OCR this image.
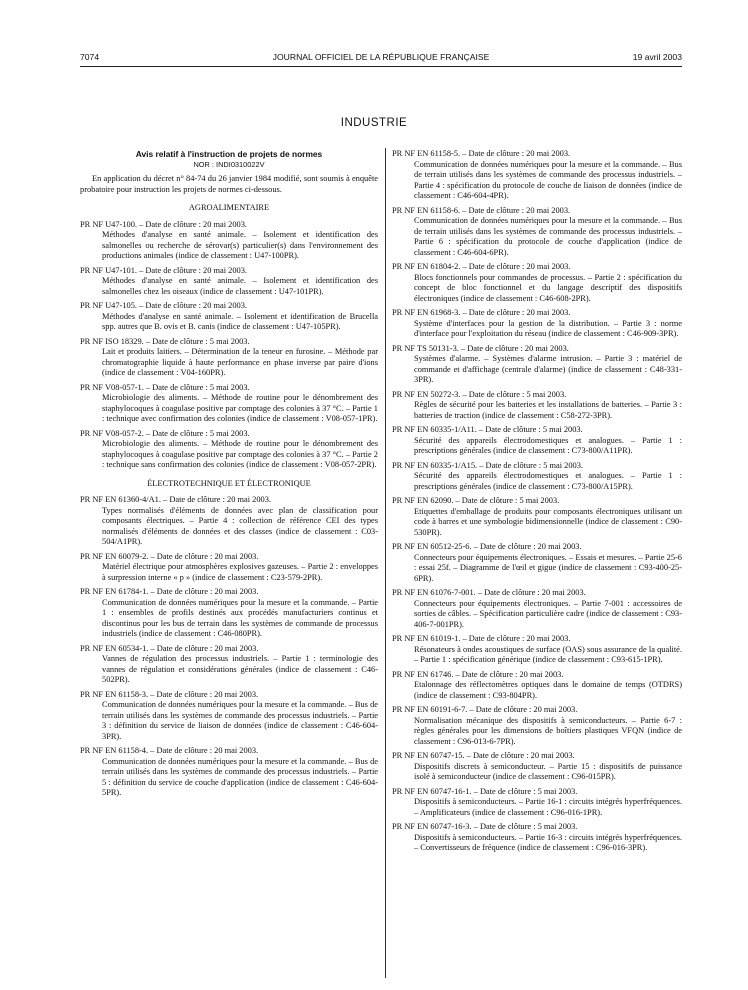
7074	JOURNAL OFFICIEL DE LA RÉPUBLIQUE FRANÇAISE	19 avril 2003
INDUSTRIE
Avis relatif à l'instruction de projets de normes
NOR : INDI0310022V
En application du décret n° 84-74 du 26 janvier 1984 modifié, sont soumis à enquête probatoire pour instruction les projets de normes ci-dessous.
AGROALIMENTAIRE
PR NF U47-100. – Date de clôture : 20 mai 2003.
Méthodes d'analyse en santé animale. – Isolement et identification des salmonelles ou recherche de sérovar(s) particulier(s) dans l'environnement des productions animales (indice de classement : U47-100PR).
PR NF U47-101. – Date de clôture : 20 mai 2003.
Méthodes d'analyse en santé animale. – Isolement et identification des salmonelles chez les oiseaux (indice de classement : U47-101PR).
PR NF U47-105. – Date de clôture : 20 mai 2003.
Méthodes d'analyse en santé animale. – Isolement et identification de Brucella spp. autres que B. ovis et B. canis (indice de classement : U47-105PR).
PR NF ISO 18329. – Date de clôture : 5 mai 2003.
Lait et produits laitiers. – Détermination de la teneur en furosine. – Méthode par chromatographie liquide à haute performance en phase inverse par paire d'ions (indice de classement : V04-160PR).
PR NF V08-057-1. – Date de clôture : 5 mai 2003.
Microbiologie des aliments. – Méthode de routine pour le dénombrement des staphylocoques à coagulase positive par comptage des colonies à 37 °C. – Partie 1 : technique avec confirmation des colonies (indice de classement : V08-057-1PR).
PR NF V08-057-2. – Date de clôture : 5 mai 2003.
Microbiologie des aliments. – Méthode de routine pour le dénombrement des staphylocoques à coagulase positive par comptage des colonies à 37 °C. – Partie 2 : technique sans confirmation des colonies (indice de classement : V08-057-2PR).
ÉLECTROTECHNIQUE ET ÉLECTRONIQUE
PR NF EN 61360-4/A1. – Date de clôture : 20 mai 2003.
Types normalisés d'éléments de données avec plan de classification pour composants électriques. – Partie 4 : collection de référence CEI des types normalisés d'éléments de données et des classes (indice de classement : C03-504/A1PR).
PR NF EN 60079-2. – Date de clôture : 20 mai 2003.
Matériel électrique pour atmosphères explosives gazeuses. – Partie 2 : enveloppes à surpression interne « p » (indice de classement : C23-579-2PR).
PR NF EN 61784-1. – Date de clôture : 20 mai 2003.
Communication de données numériques pour la mesure et la commande. – Partie 1 : ensembles de profils destinés aux procédés manufacturiers continus et discontinus pour les bus de terrain dans les systèmes de commande de processus industriels (indice de classement : C46-080PR).
PR NF EN 60534-1. – Date de clôture : 20 mai 2003.
Vannes de régulation des processus industriels. – Partie 1 : terminologie des vannes de régulation et considérations générales (indice de classement : C46-502PR).
PR NF EN 61158-3. – Date de clôture : 20 mai 2003.
Communication de données numériques pour la mesure et la commande. – Bus de terrain utilisés dans les systèmes de commande des processus industriels. – Partie 3 : définition du service de liaison de données (indice de classement : C46-604-3PR).
PR NF EN 61158-4. – Date de clôture : 20 mai 2003.
Communication de données numériques pour la mesure et la commande. – Bus de terrain utilisés dans les systèmes de commande des processus industriels. – Partie 5 : définition du service de couche d'application (indice de classement : C46-604-5PR).
PR NF EN 61158-5. – Date de clôture : 20 mai 2003.
Communication de données numériques pour la mesure et la commande. – Bus de terrain utilisés dans les systèmes de commande des processus industriels. – Partie 4 : spécification du protocole de couche de liaison de données (indice de classement : C46-604-4PR).
PR NF EN 61158-6. – Date de clôture : 20 mai 2003.
Communication de données numériques pour la mesure et la commande. – Bus de terrain utilisés dans les systèmes de commande des processus industriels. – Partie 6 : spécification du protocole de couche d'application (indice de classement : C46-604-6PR).
PR NF EN 61804-2. – Date de clôture : 20 mai 2003.
Blocs fonctionnels pour commandes de processus. – Partie 2 : spécification du concept de bloc fonctionnel et du langage descriptif des dispositifs électroniques (indice de classement : C46-608-2PR).
PR NF EN 61968-3. – Date de clôture : 20 mai 2003.
Système d'interfaces pour la gestion de la distribution. – Partie 3 : norme d'interface pour l'exploitation du réseau (indice de classement : C46-909-3PR).
PR NF TS 50131-3. – Date de clôture : 20 mai 2003.
Systèmes d'alarme. – Systèmes d'alarme intrusion. – Partie 3 : matériel de commande et d'affichage (centrale d'alarme) (indice de classement : C48-331-3PR).
PR NF EN 50272-3. – Date de clôture : 5 mai 2003.
Règles de sécurité pour les batteries et les installations de batteries. – Partie 3 : batteries de traction (indice de classement : C58-272-3PR).
PR NF EN 60335-1/A11. – Date de clôture : 5 mai 2003.
Sécurité des appareils électrodomestiques et analogues. – Partie 1 : prescriptions générales (indice de classement : C73-800/A11PR).
PR NF EN 60335-1/A15. – Date de clôture : 5 mai 2003.
Sécurité des appareils électrodomestiques et analogues. – Partie 1 : prescriptions générales (indice de classement : C73-800/A15PR).
PR NF EN 62090. – Date de clôture : 5 mai 2003.
Etiquettes d'emballage de produits pour composants électroniques utilisant un code à barres et une symbologie bidimensionnelle (indice de classement : C90-530PR).
PR NF EN 60512-25-6. – Date de clôture : 20 mai 2003.
Connecteurs pour équipements électroniques. – Essais et mesures. – Partie 25-6 : essai 25f. – Diagramme de l'œil et gigue (indice de classement : C93-400-25-6PR).
PR NF EN 61076-7-001. – Date de clôture : 20 mai 2003.
Connecteurs pour équipements électroniques. – Partie 7-001 : accessoires de sorties de câbles. – Spécification particulière cadre (indice de classement : C93-406-7-001PR).
PR NF EN 61019-1. – Date de clôture : 20 mai 2003.
Résonateurs à ondes acoustiques de surface (OAS) sous assurance de la qualité. – Partie 1 : spécification générique (indice de classement : C93-615-1PR).
PR NF EN 61746. – Date de clôture : 20 mai 2003.
Etalonnage des réflectomètres optiques dans le domaine de temps (OTDRS) (indice de classement : C93-804PR).
PR NF EN 60191-6-7. – Date de clôture : 20 mai 2003.
Normalisation mécanique des dispositifs à semiconducteurs. – Partie 6-7 : règles générales pour les dimensions de boîtiers plastiques VFQN (indice de classement : C96-013-6-7PR).
PR NF EN 60747-15. – Date de clôture : 20 mai 2003.
Dispositifs discrets à semiconducteur. – Partie 15 : dispositifs de puissance isolé à semiconducteur (indice de classement : C96-015PR).
PR NF EN 60747-16-1. – Date de clôture : 5 mai 2003.
Dispositifs à semiconducteurs. – Partie 16-1 : circuits intégrés hyperfréquences. – Amplificateurs (indice de classement : C96-016-1PR).
PR NF EN 60747-16-3. – Date de clôture : 5 mai 2003.
Dispositifs à semiconducteurs. – Partie 16-3 : circuits intégrés hyperfréquences. – Convertisseurs de fréquence (indice de classement : C96-016-3PR).
